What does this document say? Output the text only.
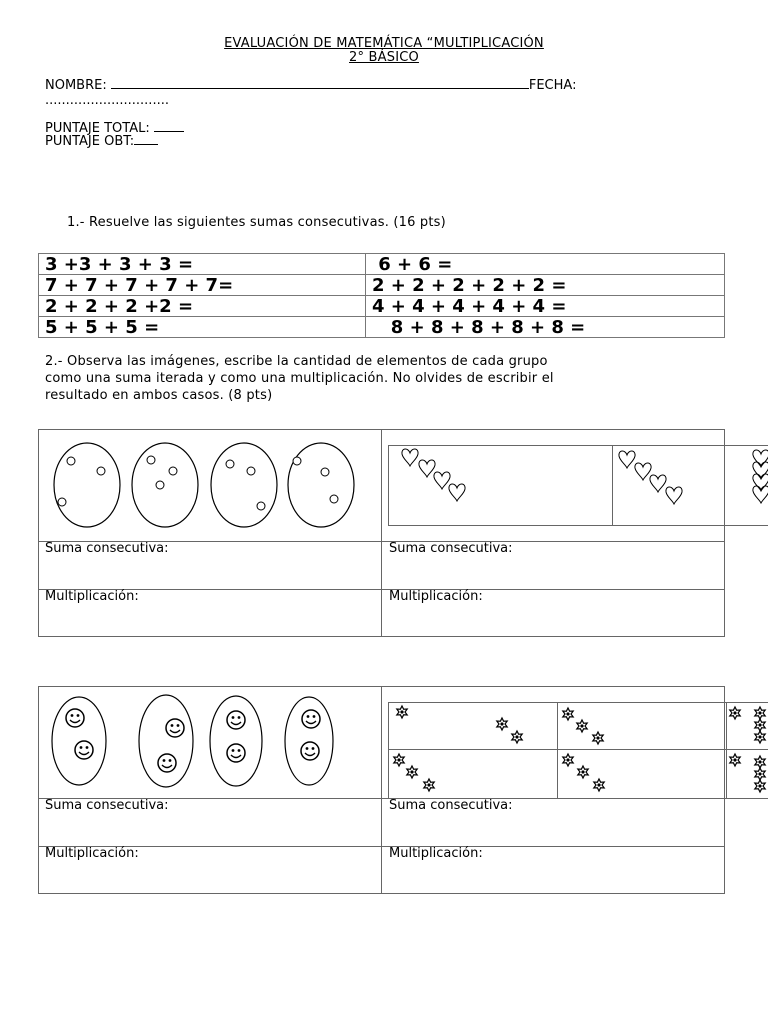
EVALUACIÓN DE MATEMÁTICA “MULTIPLICACIÓN
2° BÁSICO
NOMBRE:	FECHA:
..............................
PUNTAJE TOTAL:
PUNTAJE OBT:
1.- Resuelve las siguientes sumas consecutivas. (16 pts)
3 +3 + 3 + 3 =	6 + 6 =
7 + 7 + 7 + 7 + 7=	2 + 2 + 2 + 2 + 2 =
2 + 2 + 2 +2 =	4 + 4 + 4 + 4 + 4 =
5 + 5 + 5 =	8 + 8 + 8 + 8 + 8 =
2.- Observa las imágenes, escribe la cantidad de elementos de cada grupo
como una suma iterada y como una multiplicación. No olvides de escribir el
resultado en ambos casos. (8 pts)
Suma consecutiva:	Suma consecutiva:
Multiplicación:	Multiplicación:
Suma consecutiva:	Suma consecutiva:
Multiplicación:	Multiplicación:
